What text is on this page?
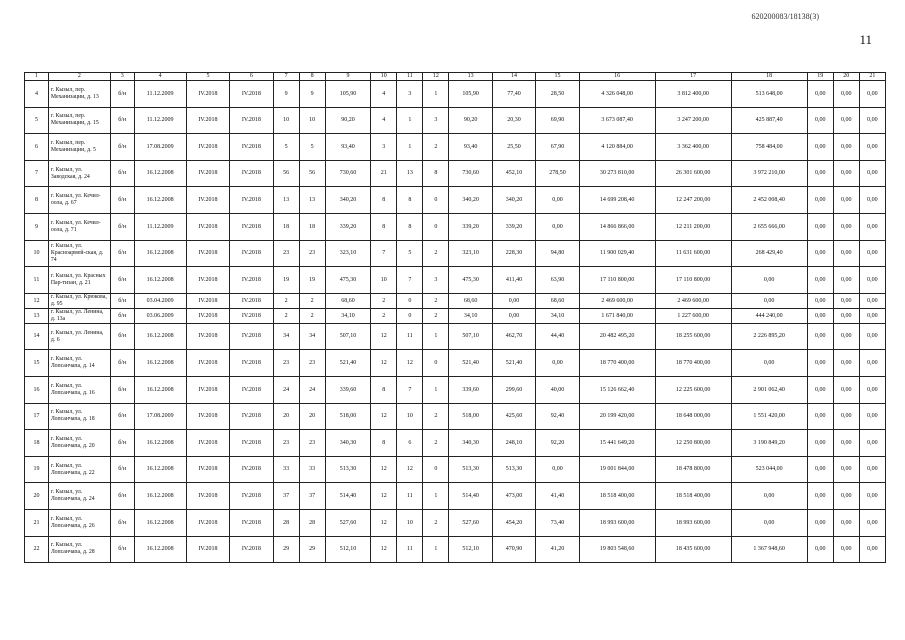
620200083/18138(3)
11
1	2	3	4	5	6	7	8	9	10	11	12	13	14	15	16	17	18	19	20	21
4	г. Кызыл, пер. Механизации, д. 13	б/н	11.12.2009	IV.2018	IV.2018	9	9	105,90	4	3	1	105,90	77,40	28,50	4 326 048,00	3 812 400,00	513 648,00	0,00	0,00	0,00
5	г. Кызыл, пер. Механизации, д. 15	б/н	11.12.2009	IV.2018	IV.2018	10	10	90,20	4	1	3	90,20	20,30	69,90	3 673 087,40	3 247 200,00	425 887,40	0,00	0,00	0,00
6	г. Кызыл, пер. Механизации, д. 5	б/н	17.08.2009	IV.2018	IV.2018	5	5	93,40	3	1	2	93,40	25,50	67,90	4 120 884,00	3 362 400,00	758 484,00	0,00	0,00	0,00
7	г. Кызыл, ул. Заводская, д. 24	б/н	16.12.2008	IV.2018	IV.2018	56	56	730,60	21	13	8	730,60	452,10	278,50	30 273 810,00	26 301 600,00	3 972 210,00	0,00	0,00	0,00
8	г. Кызыл, ул. Кечил-оола, д. 67	б/н	16.12.2008	IV.2018	IV.2018	13	13	340,20	8	8	0	340,20	340,20	0,00	14 699 208,40	12 247 200,00	2 452 008,40	0,00	0,00	0,00
9	г. Кызыл, ул. Кечил-оола, д. 71	б/н	11.12.2009	IV.2018	IV.2018	18	18	339,20	8	8	0	339,20	339,20	0,00	14 866 866,00	12 211 200,00	2 655 666,00	0,00	0,00	0,00
10	г. Кызыл, ул. Красноармей-ская, д. 74	б/н	16.12.2008	IV.2018	IV.2018	23	23	323,10	7	5	2	323,10	228,30	94,80	11 900 029,40	11 631 600,00	268 429,40	0,00	0,00	0,00
11	г. Кызыл, ул. Красных Пар-тизан, д. 21	б/н	16.12.2008	IV.2018	IV.2018	19	19	475,30	10	7	3	475,30	411,40	63,90	17 110 800,00	17 110 800,00	0,00	0,00	0,00	0,00
12	г. Кызыл, ул. Крюкова, д. 95	б/н	03.04.2009	IV.2018	IV.2018	2	2	68,60	2	0	2	68,60	0,00	68,60	2 469 600,00	2 469 600,00	0,00	0,00	0,00	0,00
13	г. Кызыл, ул. Ленина, д. 13а	б/н	03.06.2009	IV.2018	IV.2018	2	2	34,10	2	0	2	34,10	0,00	34,10	1 671 840,00	1 227 600,00	444 240,00	0,00	0,00	0,00
14	г. Кызыл, ул. Ленина, д. 6	б/н	16.12.2008	IV.2018	IV.2018	34	34	507,10	12	11	1	507,10	462,70	44,40	20 482 495,20	18 255 600,00	2 226 895,20	0,00	0,00	0,00
15	г. Кызыл, ул. Лопсанчапа, д. 14	б/н	16.12.2008	IV.2018	IV.2018	23	23	521,40	12	12	0	521,40	521,40	0,00	18 770 400,00	18 770 400,00	0,00	0,00	0,00	0,00
16	г. Кызыл, ул. Лопсанчапа, д. 16	б/н	16.12.2008	IV.2018	IV.2018	24	24	339,60	8	7	1	339,60	299,60	40,00	15 126 662,40	12 225 600,00	2 901 062,40	0,00	0,00	0,00
17	г. Кызыл, ул. Лопсанчапа, д. 18	б/н	17.08.2009	IV.2018	IV.2018	20	20	518,00	12	10	2	518,00	425,60	92,40	20 199 420,00	18 648 000,00	1 551 420,00	0,00	0,00	0,00
18	г. Кызыл, ул. Лопсанчапа, д. 20	б/н	16.12.2008	IV.2018	IV.2018	23	23	340,30	8	6	2	340,30	248,10	92,20	15 441 649,20	12 250 800,00	3 190 849,20	0,00	0,00	0,00
19	г. Кызыл, ул. Лопсанчапа, д. 22	б/н	16.12.2008	IV.2018	IV.2018	33	33	513,30	12	12	0	513,30	513,30	0,00	19 001 844,00	18 478 800,00	523 044,00	0,00	0,00	0,00
20	г. Кызыл, ул. Лопсанчапа, д. 24	б/н	16.12.2008	IV.2018	IV.2018	37	37	514,40	12	11	1	514,40	473,00	41,40	18 518 400,00	18 518 400,00	0,00	0,00	0,00	0,00
21	г. Кызыл, ул. Лопсанчапа, д. 26	б/н	16.12.2008	IV.2018	IV.2018	28	28	527,60	12	10	2	527,60	454,20	73,40	18 993 600,00	18 993 600,00	0,00	0,00	0,00	0,00
22	г. Кызыл, ул. Лопсанчапа, д. 28	б/н	16.12.2008	IV.2018	IV.2018	29	29	512,10	12	11	1	512,10	470,90	41,20	19 803 548,60	18 435 600,00	1 367 948,60	0,00	0,00	0,00
